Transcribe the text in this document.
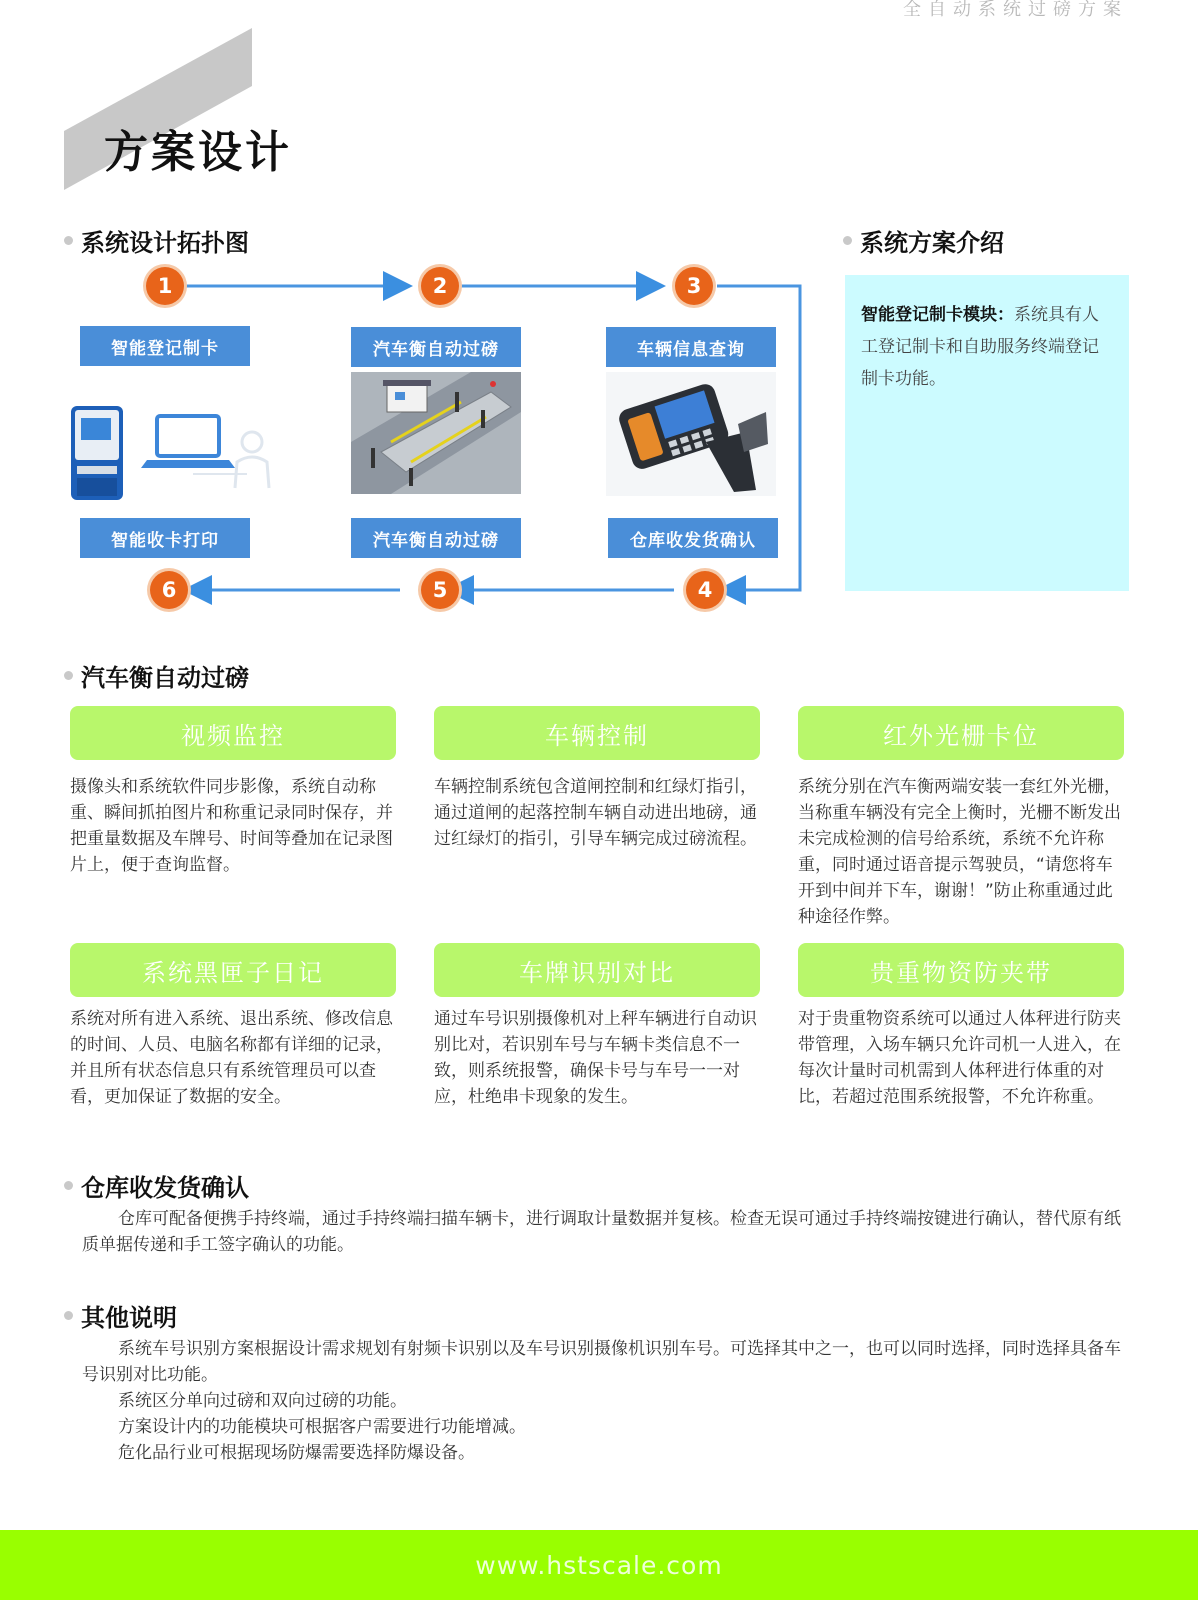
全自动系统过磅方案
方案设计
系统设计拓扑图	系统方案介绍
1	2	3
4
5
6
智能登记制卡	汽车衡自动过磅	车辆信息查询
智能收卡打印	汽车衡自动过磅	仓库收发货确认
智能登记制卡模块：系统具有人工登记制卡和自助服务终端登记制卡功能。
汽车衡自动过磅
视频监控	车辆控制	红外光栅卡位
摄像头和系统软件同步影像，系统自动称重、瞬间抓拍图片和称重记录同时保存，并把重量数据及车牌号、时间等叠加在记录图片上，便于查询监督。
车辆控制系统包含道闸控制和红绿灯指引，通过道闸的起落控制车辆自动进出地磅，通过红绿灯的指引，引导车辆完成过磅流程。
系统分别在汽车衡两端安装一套红外光栅，当称重车辆没有完全上衡时，光栅不断发出未完成检测的信号给系统，系统不允许称重，同时通过语音提示驾驶员，“请您将车开到中间并下车，谢谢！”防止称重通过此种途径作弊。
系统黑匣子日记	车牌识别对比	贵重物资防夹带
系统对所有进入系统、退出系统、修改信息的时间、人员、电脑名称都有详细的记录，并且所有状态信息只有系统管理员可以查看，更加保证了数据的安全。
通过车号识别摄像机对上秤车辆进行自动识别比对，若识别车号与车辆卡类信息不一致，则系统报警，确保卡号与车号一一对应，杜绝串卡现象的发生。
对于贵重物资系统可以通过人体秤进行防夹带管理，入场车辆只允许司机一人进入，在每次计量时司机需到人体秤进行体重的对比，若超过范围系统报警，不允许称重。
仓库收发货确认

仓库可配备便携手持终端，通过手持终端扫描车辆卡，进行调取计量数据并复核。检查无误可通过手持终端按键进行确认，替代原有纸质单据传递和手工签字确认的功能。

其他说明

系统车号识别方案根据设计需求规划有射频卡识别以及车号识别摄像机识别车号。可选择其中之一，也可以同时选择，同时选择具备车号识别对比功能。

系统区分单向过磅和双向过磅的功能。

方案设计内的功能模块可根据客户需要进行功能增减。

危化品行业可根据现场防爆需要选择防爆设备。

www.hstscale.com
